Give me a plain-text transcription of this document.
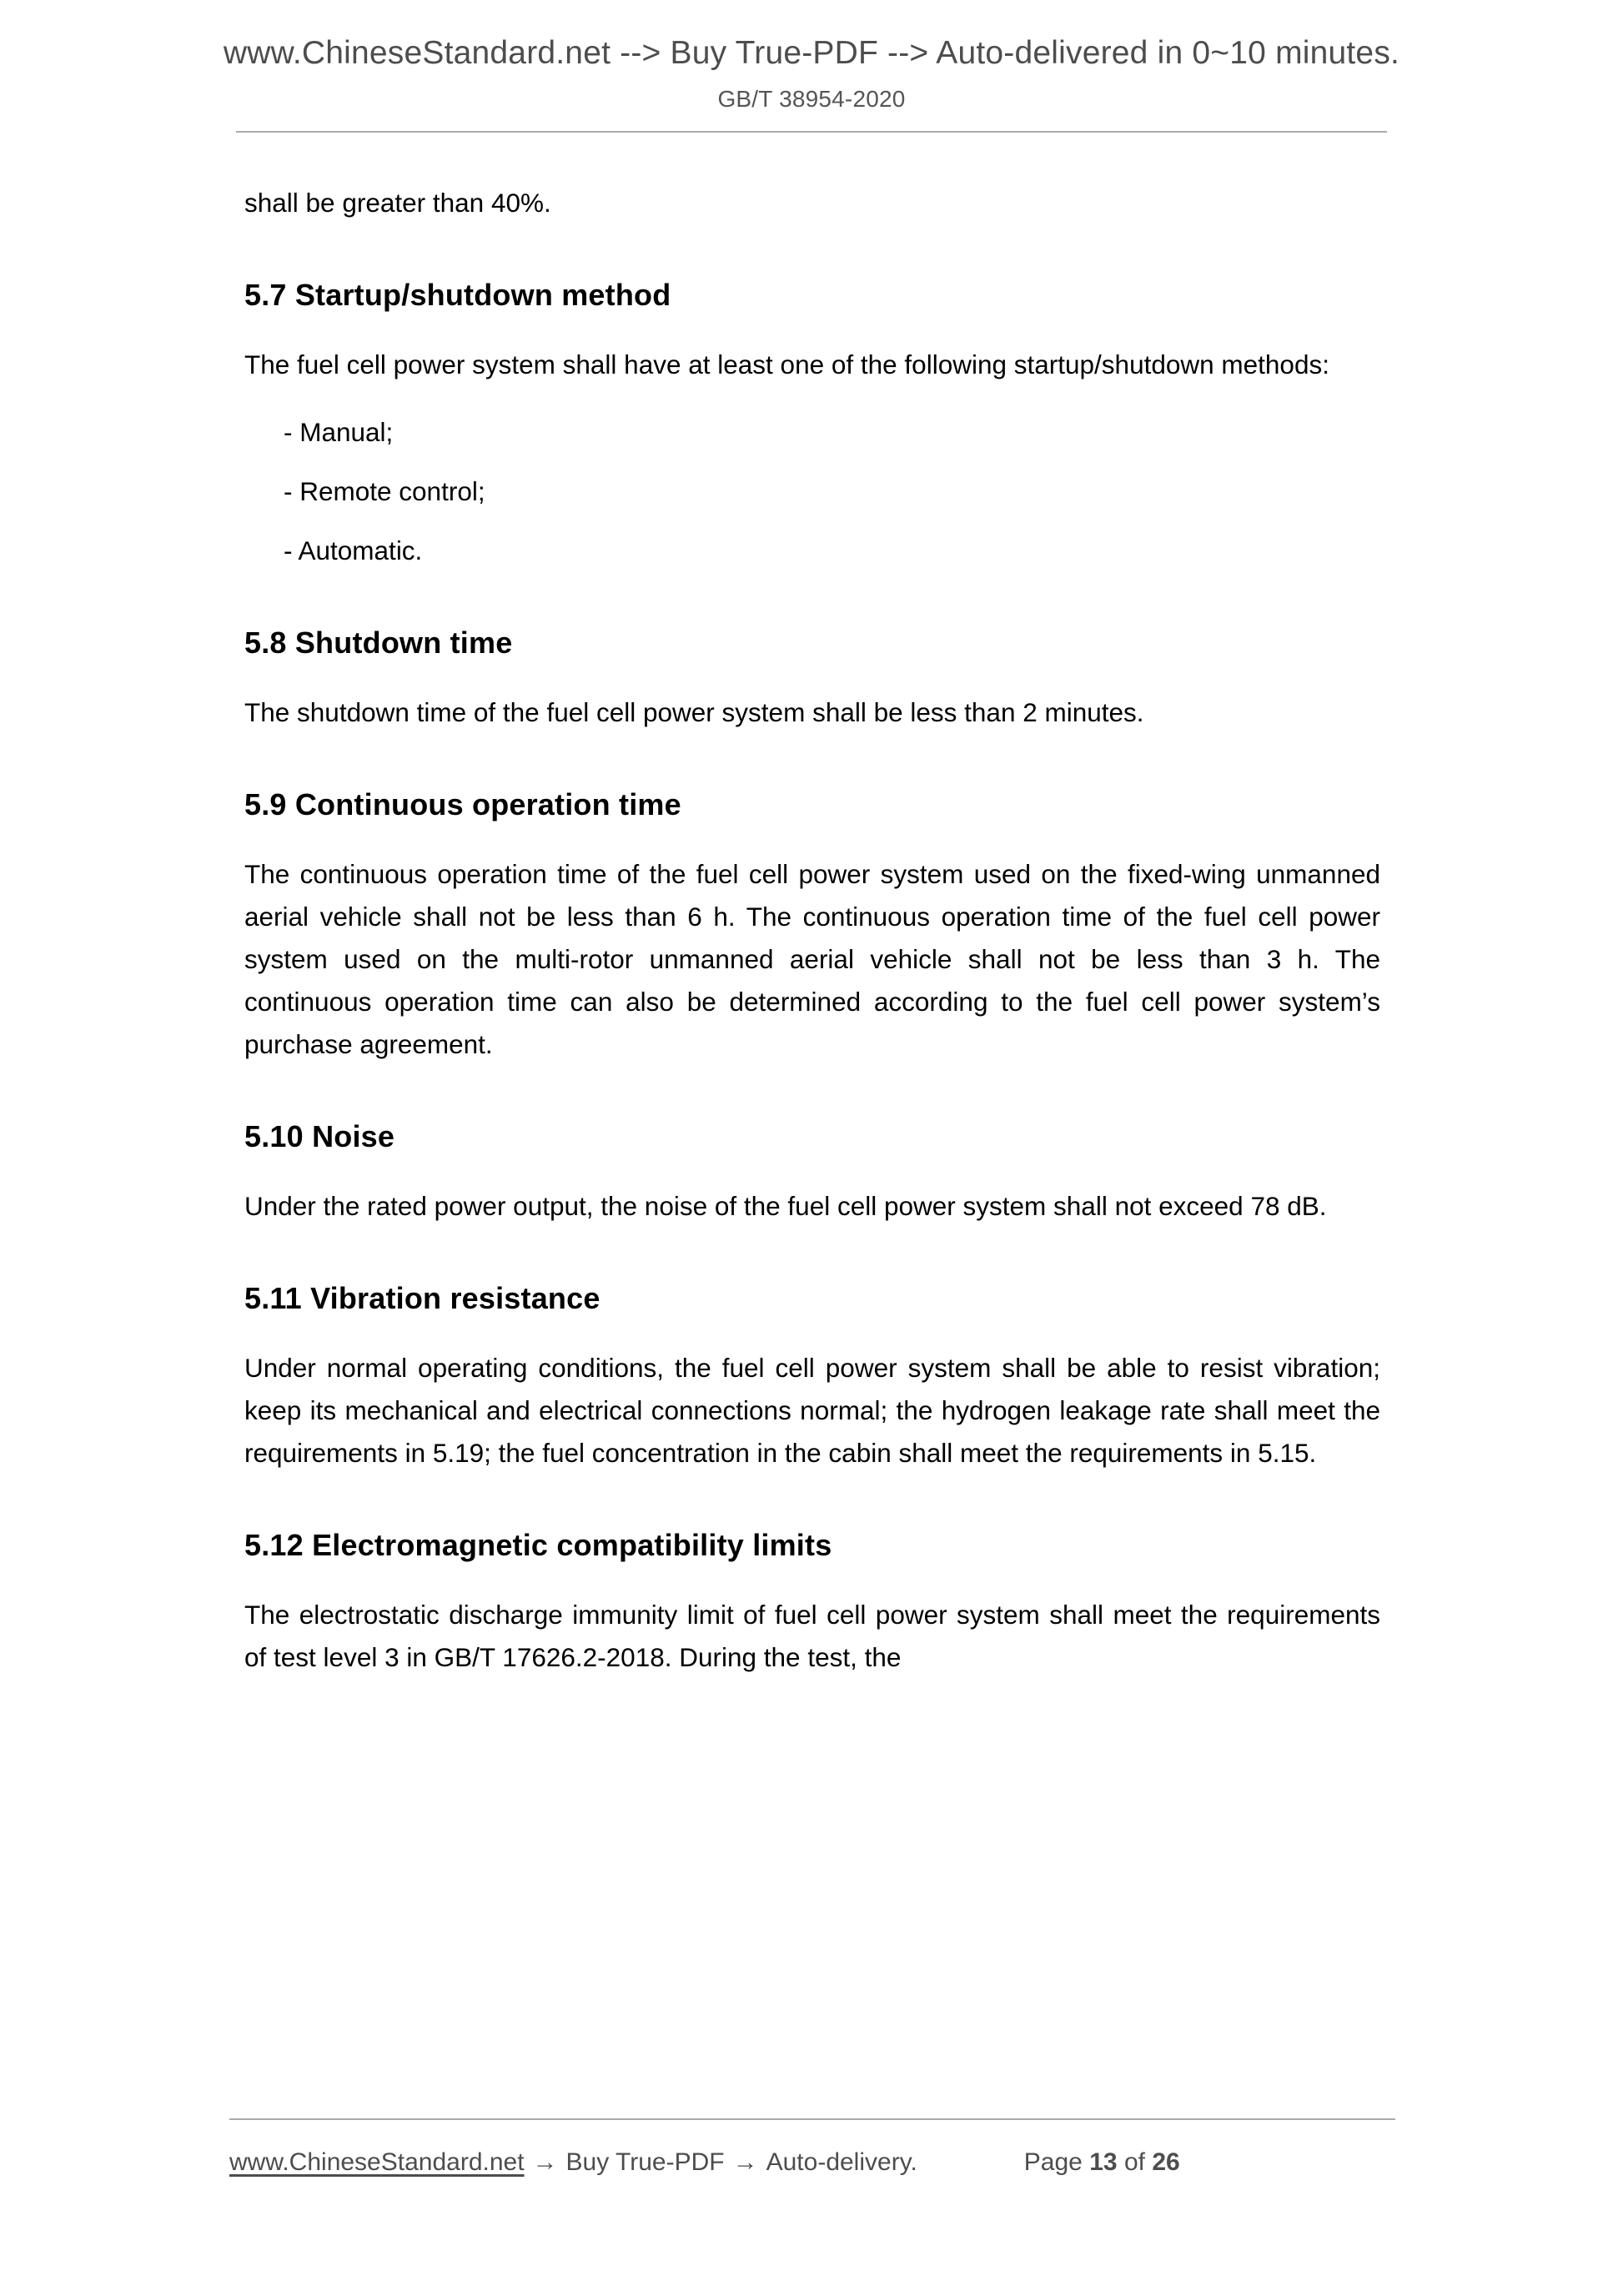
www.ChineseStandard.net --> Buy True-PDF --> Auto-delivered in 0~10 minutes.
GB/T 38954-2020

shall be greater than 40%.

5.7 Startup/shutdown method

The fuel cell power system shall have at least one of the following startup/shutdown methods:

- Manual;
- Remote control;
- Automatic.
5.8 Shutdown time

The shutdown time of the fuel cell power system shall be less than 2 minutes.

5.9 Continuous operation time

The continuous operation time of the fuel cell power system used on the fixed-wing unmanned aerial vehicle shall not be less than 6 h. The continuous operation time of the fuel cell power system used on the multi-rotor unmanned aerial vehicle shall not be less than 3 h. The continuous operation time can also be determined according to the fuel cell power system’s purchase agreement.

5.10 Noise

Under the rated power output, the noise of the fuel cell power system shall not exceed 78 dB.

5.11 Vibration resistance

Under normal operating conditions, the fuel cell power system shall be able to resist vibration; keep its mechanical and electrical connections normal; the hydrogen leakage rate shall meet the requirements in 5.19; the fuel concentration in the cabin shall meet the requirements in 5.15.

5.12 Electromagnetic compatibility limits

The electrostatic discharge immunity limit of fuel cell power system shall meet the requirements of test level 3 in GB/T 17626.2-2018. During the test, the

www.ChineseStandard.net → Buy True-PDF → Auto-delivery.	Page 13 of 26
